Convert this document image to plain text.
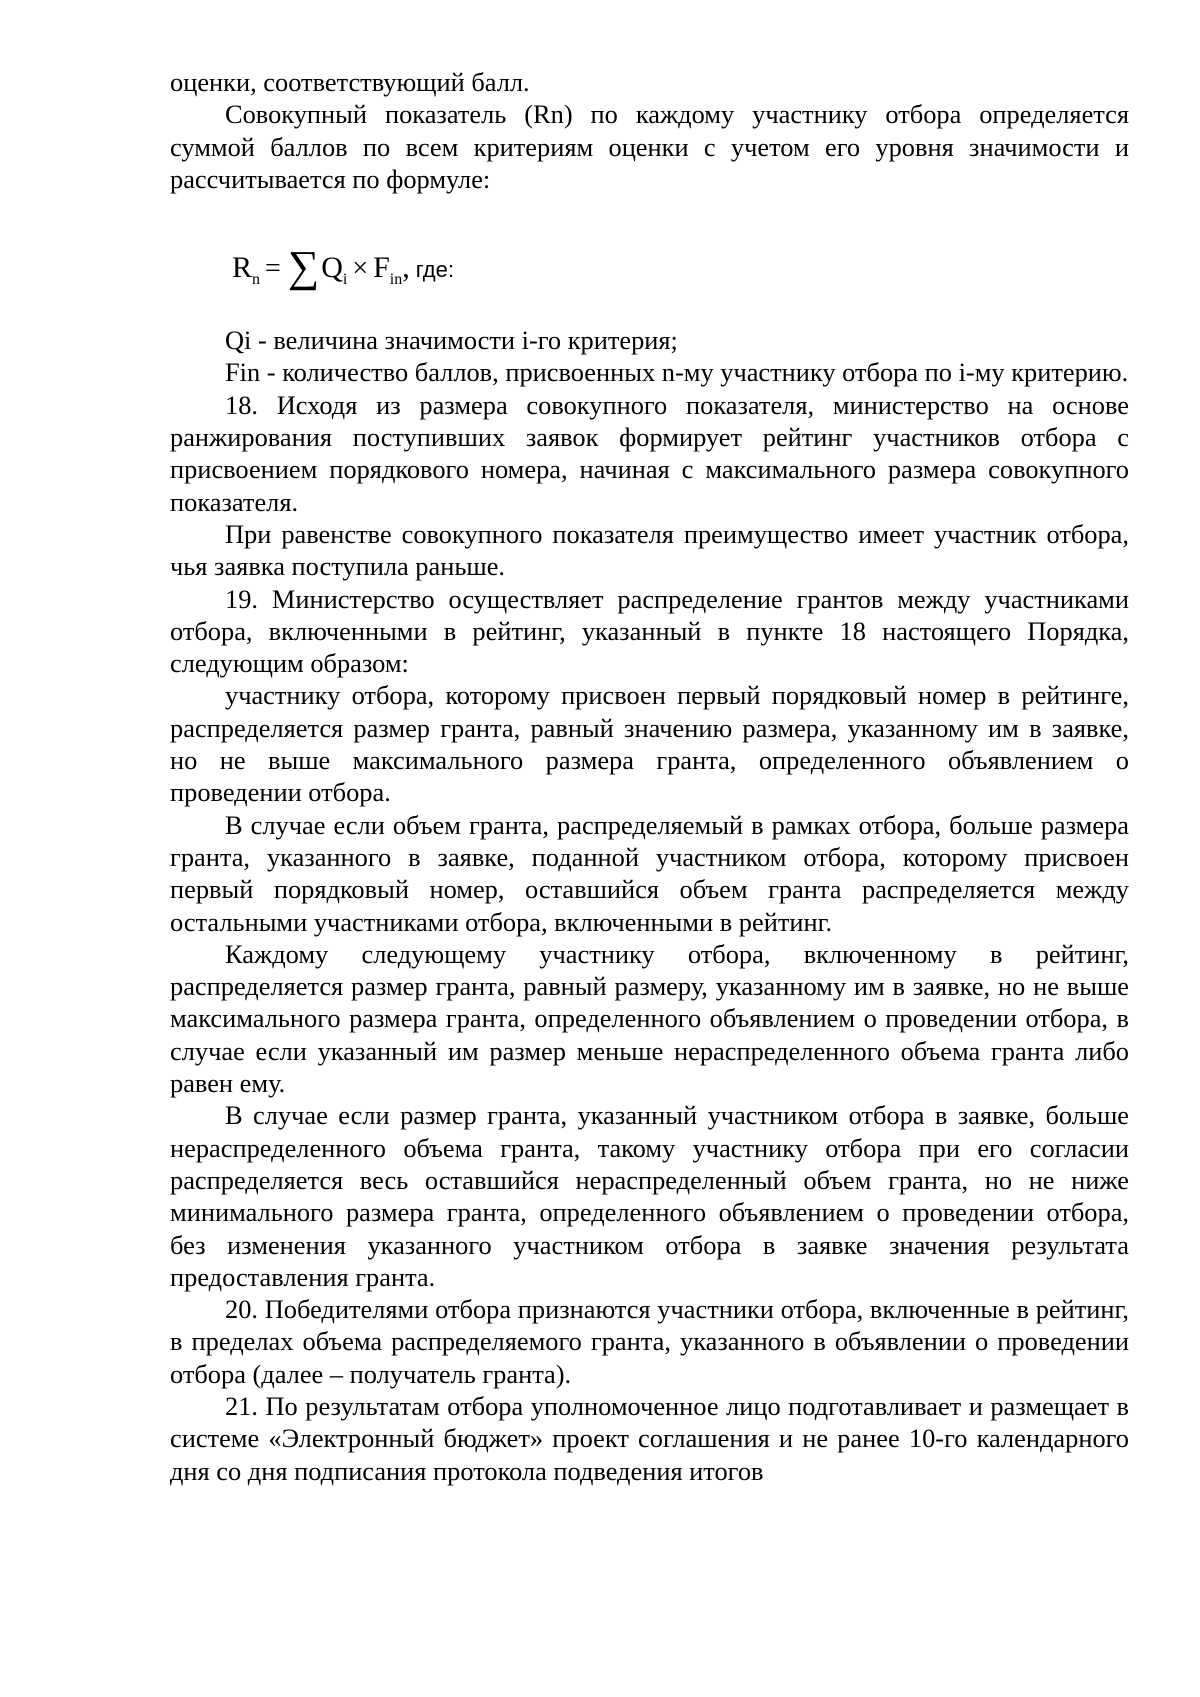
оценки, соответствующий балл.

Совокупный показатель (Rn) по каждому участнику отбора определяется суммой баллов по всем критериям оценки с учетом его уровня значимости и рассчитывается по формуле:

R n = ∑ Q i × F in , где:

Qi - величина значимости i-го критерия;

Fin - количество баллов, присвоенных n-му участнику отбора по i-му критерию.

18. Исходя из размера совокупного показателя, министерство на основе ранжирования поступивших заявок формирует рейтинг участников отбора с присвоением порядкового номера, начиная с максимального размера совокупного показателя.

При равенстве совокупного показателя преимущество имеет участник отбора, чья заявка поступила раньше.

19. Министерство осуществляет распределение грантов между участниками отбора, включенными в рейтинг, указанный в пункте 18 настоящего Порядка, следующим образом:

участнику отбора, которому присвоен первый порядковый номер в рейтинге, распределяется размер гранта, равный значению размера, указанному им в заявке, но не выше максимального размера гранта, определенного объявлением о проведении отбора.

В случае если объем гранта, распределяемый в рамках отбора, больше размера гранта, указанного в заявке, поданной участником отбора, которому присвоен первый порядковый номер, оставшийся объем гранта распределяется между остальными участниками отбора, включенными в рейтинг.

Каждому следующему участнику отбора, включенному в рейтинг, распределяется размер гранта, равный размеру, указанному им в заявке, но не выше максимального размера гранта, определенного объявлением о проведении отбора, в случае если указанный им размер меньше нераспределенного объема гранта либо равен ему.

В случае если размер гранта, указанный участником отбора в заявке, больше нераспределенного объема гранта, такому участнику отбора при его согласии распределяется весь оставшийся нераспределенный объем гранта, но не ниже минимального размера гранта, определенного объявлением о проведении отбора, без изменения указанного участником отбора в заявке значения результата предоставления гранта.

20. Победителями отбора признаются участники отбора, включенные в рейтинг, в пределах объема распределяемого гранта, указанного в объявлении о проведении отбора (далее – получатель гранта).

21. По результатам отбора уполномоченное лицо подготавливает и размещает в системе «Электронный бюджет» проект соглашения и не ранее 10-го календарного дня со дня подписания протокола подведения итогов
